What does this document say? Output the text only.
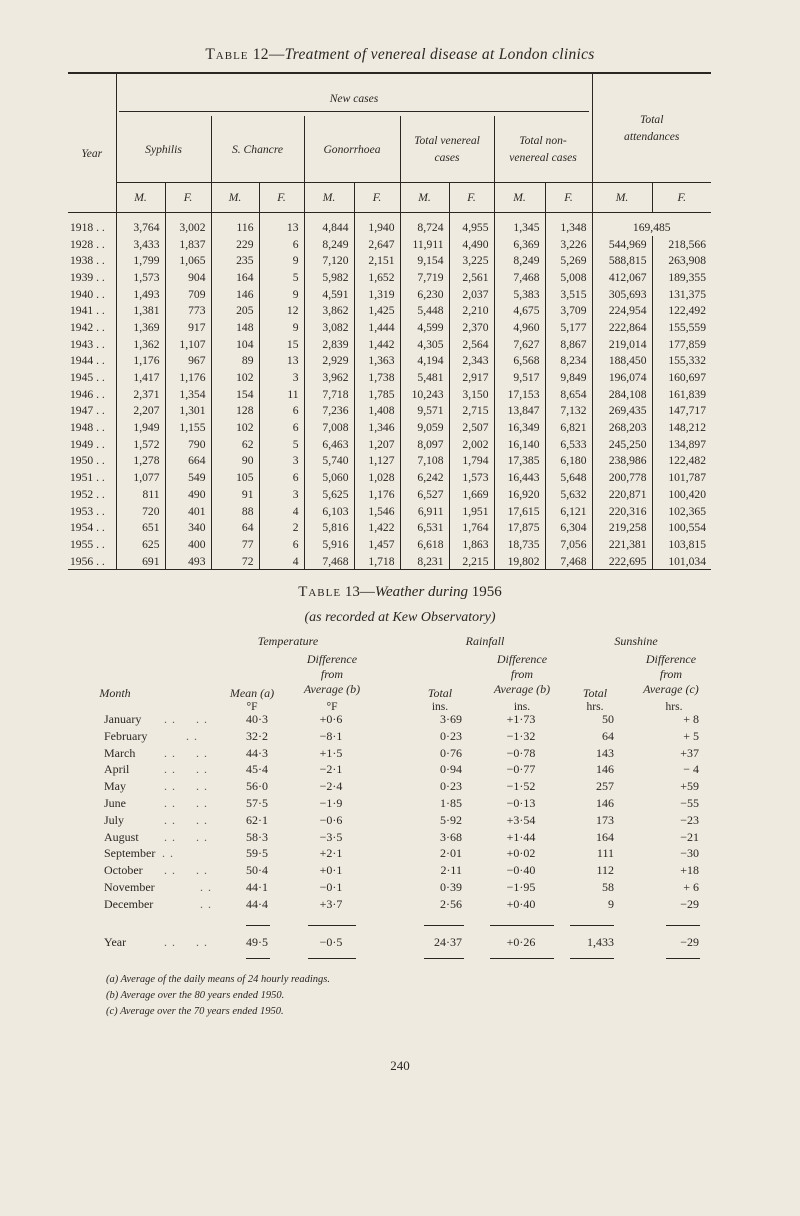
Table 12—Treatment of venereal disease at London clinics
Year	New cases										Total attendances	

	Syphilis		S. Chancre		Gonorrhoea		Total venereal cases		Total non-venereal cases			

	M.	F.	M.	F.	M.	F.	M.	F.	M.	F.	M.	F.
1918 . .	3,764	3,002	116	13	4,844	1,940	8,724	4,955	1,345	1,348	169,485	
1928 . .	3,433	1,837	229	6	8,249	2,647	11,911	4,490	6,369	3,226	544,969	218,566
1938 . .	1,799	1,065	235	9	7,120	2,151	9,154	3,225	8,249	5,269	588,815	263,908
1939 . .	1,573	904	164	5	5,982	1,652	7,719	2,561	7,468	5,008	412,067	189,355
1940 . .	1,493	709	146	9	4,591	1,319	6,230	2,037	5,383	3,515	305,693	131,375
1941 . .	1,381	773	205	12	3,862	1,425	5,448	2,210	4,675	3,709	224,954	122,492
1942 . .	1,369	917	148	9	3,082	1,444	4,599	2,370	4,960	5,177	222,864	155,559
1943 . .	1,362	1,107	104	15	2,839	1,442	4,305	2,564	7,627	8,867	219,014	177,859
1944 . .	1,176	967	89	13	2,929	1,363	4,194	2,343	6,568	8,234	188,450	155,332
1945 . .	1,417	1,176	102	3	3,962	1,738	5,481	2,917	9,517	9,849	196,074	160,697
1946 . .	2,371	1,354	154	11	7,718	1,785	10,243	3,150	17,153	8,654	284,108	161,839
1947 . .	2,207	1,301	128	6	7,236	1,408	9,571	2,715	13,847	7,132	269,435	147,717
1948 . .	1,949	1,155	102	6	7,008	1,346	9,059	2,507	16,349	6,821	268,203	148,212
1949 . .	1,572	790	62	5	6,463	1,207	8,097	2,002	16,140	6,533	245,250	134,897
1950 . .	1,278	664	90	3	5,740	1,127	7,108	1,794	17,385	6,180	238,986	122,482
1951 . .	1,077	549	105	6	5,060	1,028	6,242	1,573	16,443	5,648	200,778	101,787
1952 . .	811	490	91	3	5,625	1,176	6,527	1,669	16,920	5,632	220,871	100,420
1953 . .	720	401	88	4	6,103	1,546	6,911	1,951	17,615	6,121	220,316	102,365
1954 . .	651	340	64	2	5,816	1,422	6,531	1,764	17,875	6,304	219,258	100,554
1955 . .	625	400	77	6	5,916	1,457	6,618	1,863	18,735	7,056	221,381	103,815
1956 . .	691	493	72	4	7,468	1,718	8,231	2,215	19,802	7,468	222,695	101,034
Table 13—Weather during 1956
(as recorded at Kew Observatory)
Temperature	Rainfall	Sunshine
Month	Mean (a)
Difference
from
Average (b)	Total
Difference
from
Average (b)	Total
Difference
from
Average (c)
°F	°F	ins.	ins.	hrs.	hrs.
January	40·3	+0·6	3·69	+1·73	50	+ 8
. .     . .
February	32·2	−8·1	0·23	−1·32	64	+ 5
. .
March	44·3	+1·5	0·76	−0·78	143	+37
. .     . .
April	45·4	−2·1	0·94	−0·77	146	− 4
. .     . .
May	56·0	−2·4	0·23	−1·52	257	+59
. .     . .
June	57·5	−1·9	1·85	−0·13	146	−55
. .     . .
July	62·1	−0·6	5·92	+3·54	173	−23
. .     . .
August	58·3	−3·5	3·68	+1·44	164	−21
. .     . .
September	59·5	+2·1	2·01	+0·02	111	−30
. .
October	50·4	+0·1	2·11	−0·40	112	+18
. .     . .
November	44·1	−0·1	0·39	−1·95	58	+ 6
. .
December	44·4	+3·7	2·56	+0·40	9	−29
. .
Year	49·5	−0·5	24·37	+0·26	1,433	−29
. .     . .
(a) Average of the daily means of 24 hourly readings.
(b) Average over the 80 years ended 1950.
(c) Average over the 70 years ended 1950.
240
